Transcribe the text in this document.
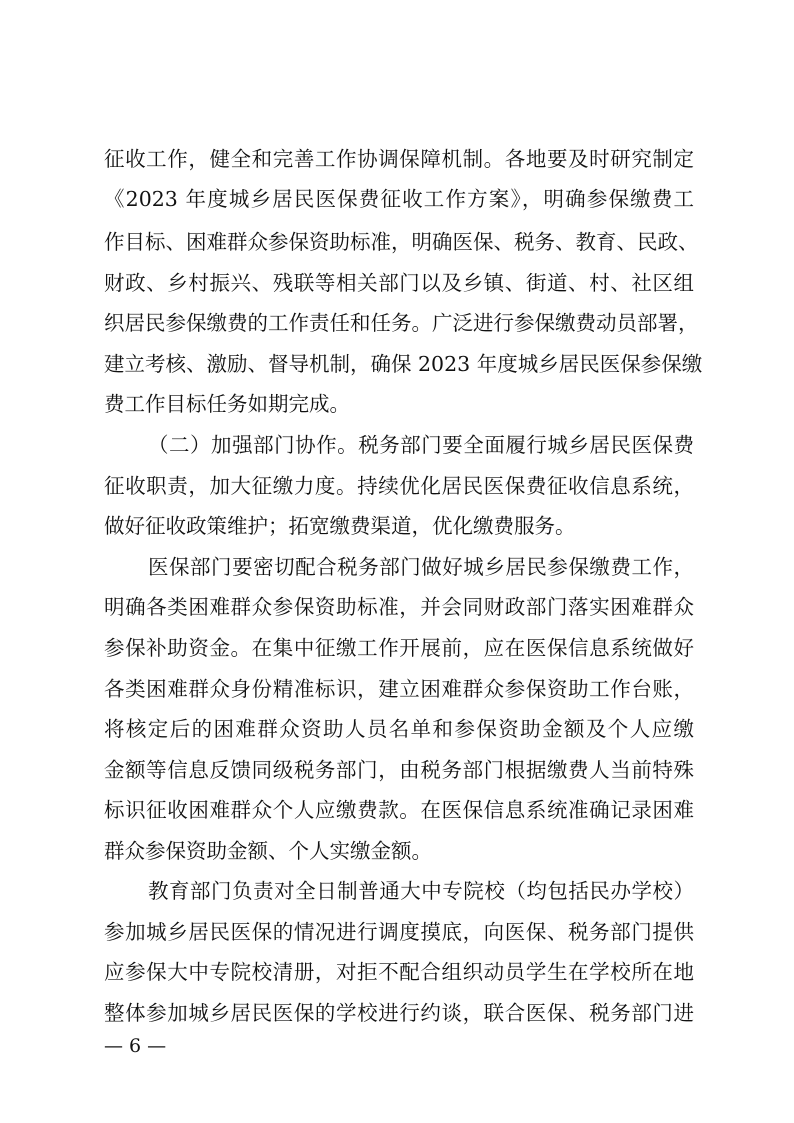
征收工作，健全和完善工作协调保障机制。各地要及时研究制定
《2023 年度城乡居民医保费征收工作方案》，明确参保缴费工
作目标、困难群众参保资助标准，明确医保、税务、教育、民政、
财政、乡村振兴、残联等相关部门以及乡镇、街道、村、社区组
织居民参保缴费的工作责任和任务。广泛进行参保缴费动员部署，
建立考核、激励、督导机制，确保 2023 年度城乡居民医保参保缴
费工作目标任务如期完成。
（二）加强部门协作。税务部门要全面履行城乡居民医保费
征收职责，加大征缴力度。持续优化居民医保费征收信息系统，
做好征收政策维护；拓宽缴费渠道，优化缴费服务。
医保部门要密切配合税务部门做好城乡居民参保缴费工作，
明确各类困难群众参保资助标准，并会同财政部门落实困难群众
参保补助资金。在集中征缴工作开展前，应在医保信息系统做好
各类困难群众身份精准标识，建立困难群众参保资助工作台账，
将核定后的困难群众资助人员名单和参保资助金额及个人应缴
金额等信息反馈同级税务部门，由税务部门根据缴费人当前特殊
标识征收困难群众个人应缴费款。在医保信息系统准确记录困难
群众参保资助金额、个人实缴金额。
教育部门负责对全日制普通大中专院校（均包括民办学校）
参加城乡居民医保的情况进行调度摸底，向医保、税务部门提供
应参保大中专院校清册，对拒不配合组织动员学生在学校所在地
整体参加城乡居民医保的学校进行约谈，联合医保、税务部门进
— 6 —
